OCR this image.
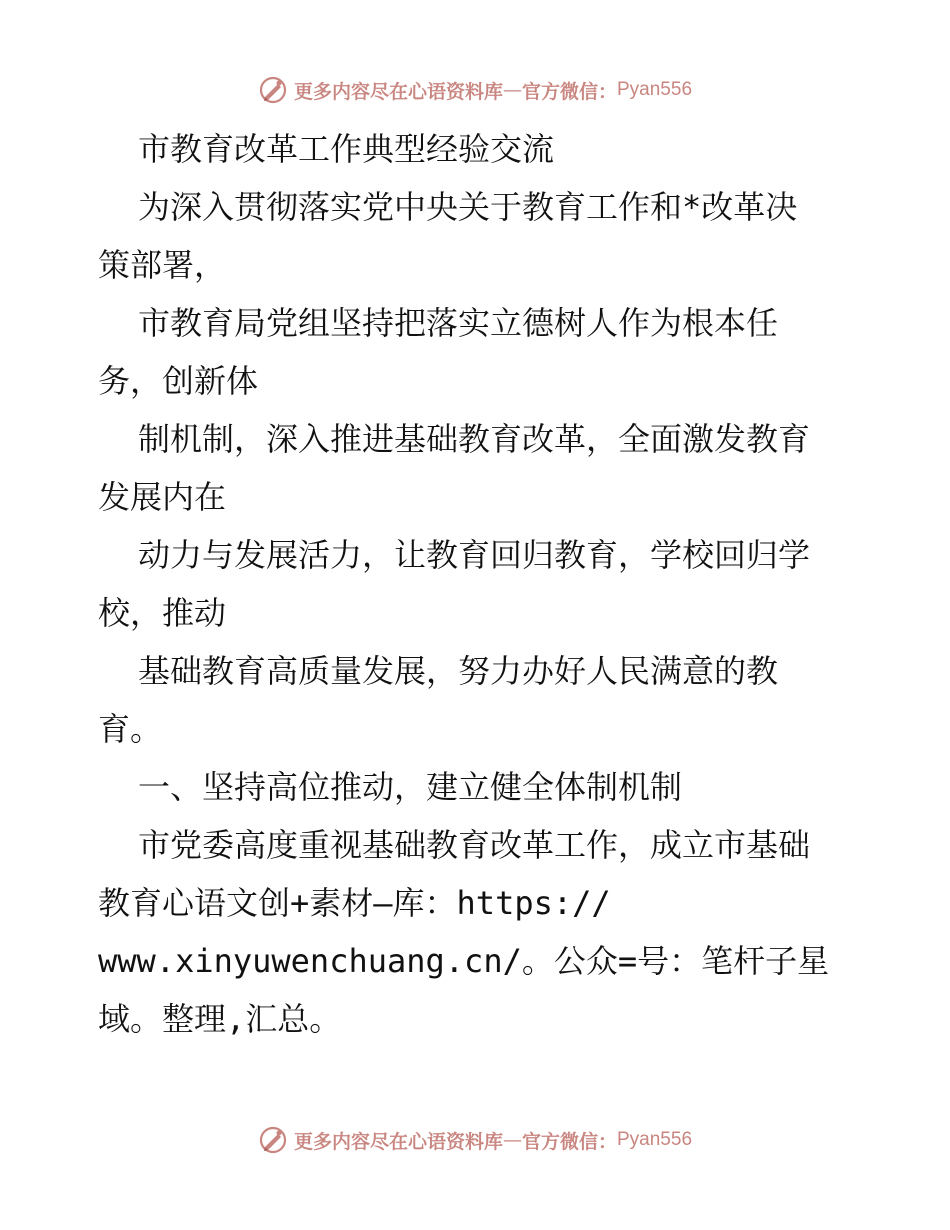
更多内容尽在心语资料库 — 官方微信： Pyan556
市教育改革工作典型经验交流
为深入贯彻落实党中央关于教育工作和*改革决
策部署，
市教育局党组坚持把落实立德树人作为根本任
务，创新体
制机制，深入推进基础教育改革，全面激发教育
发展内在
动力与发展活力，让教育回归教育，学校回归学
校，推动
基础教育高质量发展，努力办好人民满意的教
育。
一、坚持高位推动，建立健全体制机制
市党委高度重视基础教育改革工作，成立市基础
教育心语文创+素材—库：https://
www.xinyuwenchuang.cn/。公众=号：笔杆子星
域。整理,汇总。
更多内容尽在心语资料库 — 官方微信： Pyan556
